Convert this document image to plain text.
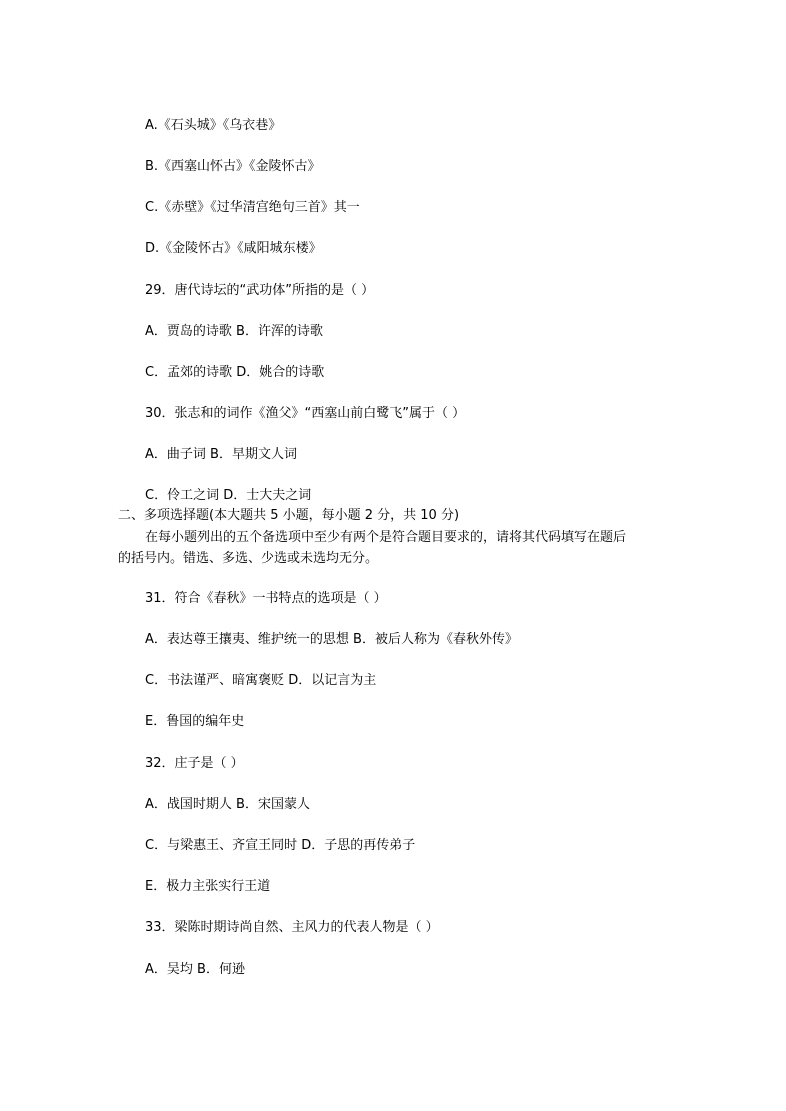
A.《石头城》《乌衣巷》
B.《西塞山怀古》《金陵怀古》
C.《赤壁》《过华清宫绝句三首》其一
D.《金陵怀古》《咸阳城东楼》
29．唐代诗坛的“武功体”所指的是（ ）
A．贾岛的诗歌 B．许浑的诗歌
C．孟郊的诗歌 D．姚合的诗歌
30．张志和的词作《渔父》“西塞山前白鹭飞”属于（ ）
A．曲子词 B．早期文人词
C．伶工之词 D．士大夫之词
二、多项选择题(本大题共 5 小题，每小题 2 分，共 10 分)
在每小题列出的五个备选项中至少有两个是符合题目要求的，请将其代码填写在题后
的括号内。错选、多选、少选或未选均无分。
31．符合《春秋》一书特点的选项是（ ）
A．表达尊王攘夷、维护统一的思想 B．被后人称为《春秋外传》
C．书法谨严、暗寓褒贬 D．以记言为主
E．鲁国的编年史
32．庄子是（ ）
A．战国时期人 B．宋国蒙人
C．与梁惠王、齐宣王同时 D．子思的再传弟子
E．极力主张实行王道
33．梁陈时期诗尚自然、主风力的代表人物是（ ）
A．吴均 B．何逊
